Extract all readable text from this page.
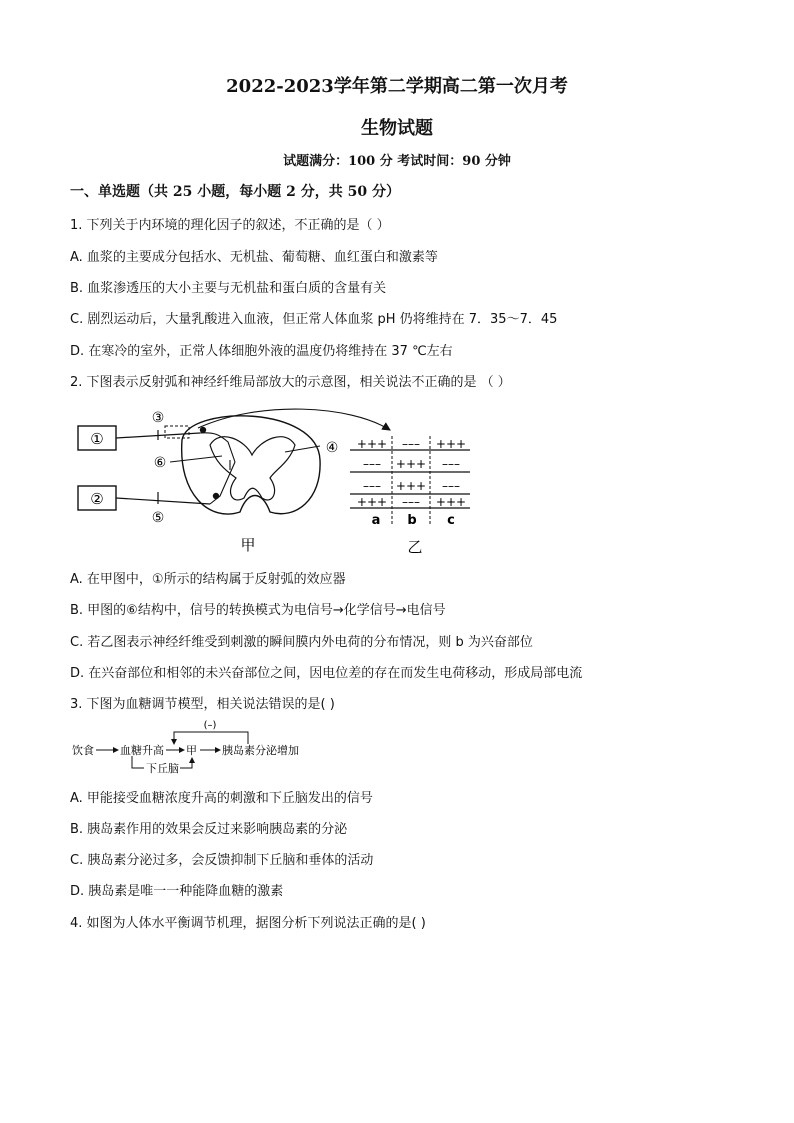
2022-2023学年第二学期高二第一次月考
生物试题
试题满分：100 分 考试时间：90 分钟
一、单选题（共 25 小题，每小题 2 分，共 50 分）
1. 下列关于内环境的理化因子的叙述，不正确的是（ ）
A. 血浆的主要成分包括水、无机盐、葡萄糖、血红蛋白和激素等
B. 血浆渗透压的大小主要与无机盐和蛋白质的含量有关
C. 剧烈运动后，大量乳酸进入血液，但正常人体血浆 pH 仍将维持在 7．35～7．45
D. 在寒冷的室外，正常人体细胞外液的温度仍将维持在 37 ℃左右
2. 下图表示反射弧和神经纤维局部放大的示意图，相关说法不正确的是 （ ）
①
②
③
④
⑥
⑤
+++ ––– +++
––– +++ –––
––– +++ –––
+++ ––– +++
a b c
甲	乙
A. 在甲图中，①所示的结构属于反射弧的效应器
B. 甲图的⑥结构中，信号的转换模式为电信号→化学信号→电信号
C. 若乙图表示神经纤维受到刺激的瞬间膜内外电荷的分布情况，则 b 为兴奋部位
D. 在兴奋部位和相邻的未兴奋部位之间，因电位差的存在而发生电荷移动，形成局部电流
3. 下图为血糖调节模型，相关说法错误的是( )
饮食 血糖升高 甲 胰岛素分泌增加
(–)
下丘脑
A. 甲能接受血糖浓度升高的刺激和下丘脑发出的信号
B. 胰岛素作用的效果会反过来影响胰岛素的分泌
C. 胰岛素分泌过多，会反馈抑制下丘脑和垂体的活动
D. 胰岛素是唯一一种能降血糖的激素
4. 如图为人体水平衡调节机理，据图分析下列说法正确的是( )
